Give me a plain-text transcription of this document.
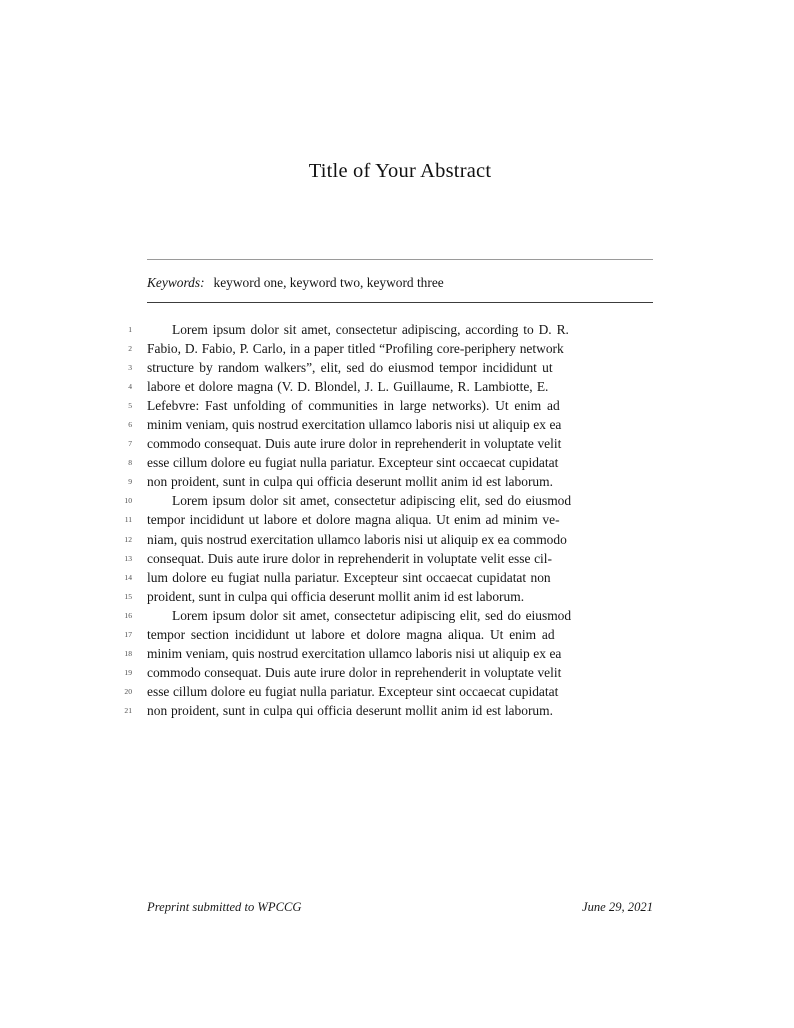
Title of Your Abstract
Keywords: keyword one, keyword two, keyword three
1	Lorem ipsum dolor sit amet, consectetur adipiscing, according to D. R.
2 Fabio, D. Fabio, P. Carlo, in a paper titled “Profiling core-periphery network
3 structure by random walkers”, elit, sed do eiusmod tempor incididunt ut
4 labore et dolore magna (V. D. Blondel, J. L. Guillaume, R. Lambiotte, E.
5 Lefebvre: Fast unfolding of communities in large networks). Ut enim ad
6 minim veniam, quis nostrud exercitation ullamco laboris nisi ut aliquip ex ea
7 commodo consequat. Duis aute irure dolor in reprehenderit in voluptate velit
8 esse cillum dolore eu fugiat nulla pariatur. Excepteur sint occaecat cupidatat
9 non proident, sunt in culpa qui officia deserunt mollit anim id est laborum.
10	Lorem ipsum dolor sit amet, consectetur adipiscing elit, sed do eiusmod
11 tempor incididunt ut labore et dolore magna aliqua. Ut enim ad minim ve-
12 niam, quis nostrud exercitation ullamco laboris nisi ut aliquip ex ea commodo
13 consequat. Duis aute irure dolor in reprehenderit in voluptate velit esse cil-
14 lum dolore eu fugiat nulla pariatur. Excepteur sint occaecat cupidatat non
15 proident, sunt in culpa qui officia deserunt mollit anim id est laborum.
16	Lorem ipsum dolor sit amet, consectetur adipiscing elit, sed do eiusmod
17 tempor section incididunt ut labore et dolore magna aliqua. Ut enim ad
18 minim veniam, quis nostrud exercitation ullamco laboris nisi ut aliquip ex ea
19 commodo consequat. Duis aute irure dolor in reprehenderit in voluptate velit
20 esse cillum dolore eu fugiat nulla pariatur. Excepteur sint occaecat cupidatat
21 non proident, sunt in culpa qui officia deserunt mollit anim id est laborum.
Preprint submitted to WPCCG	June 29, 2021
